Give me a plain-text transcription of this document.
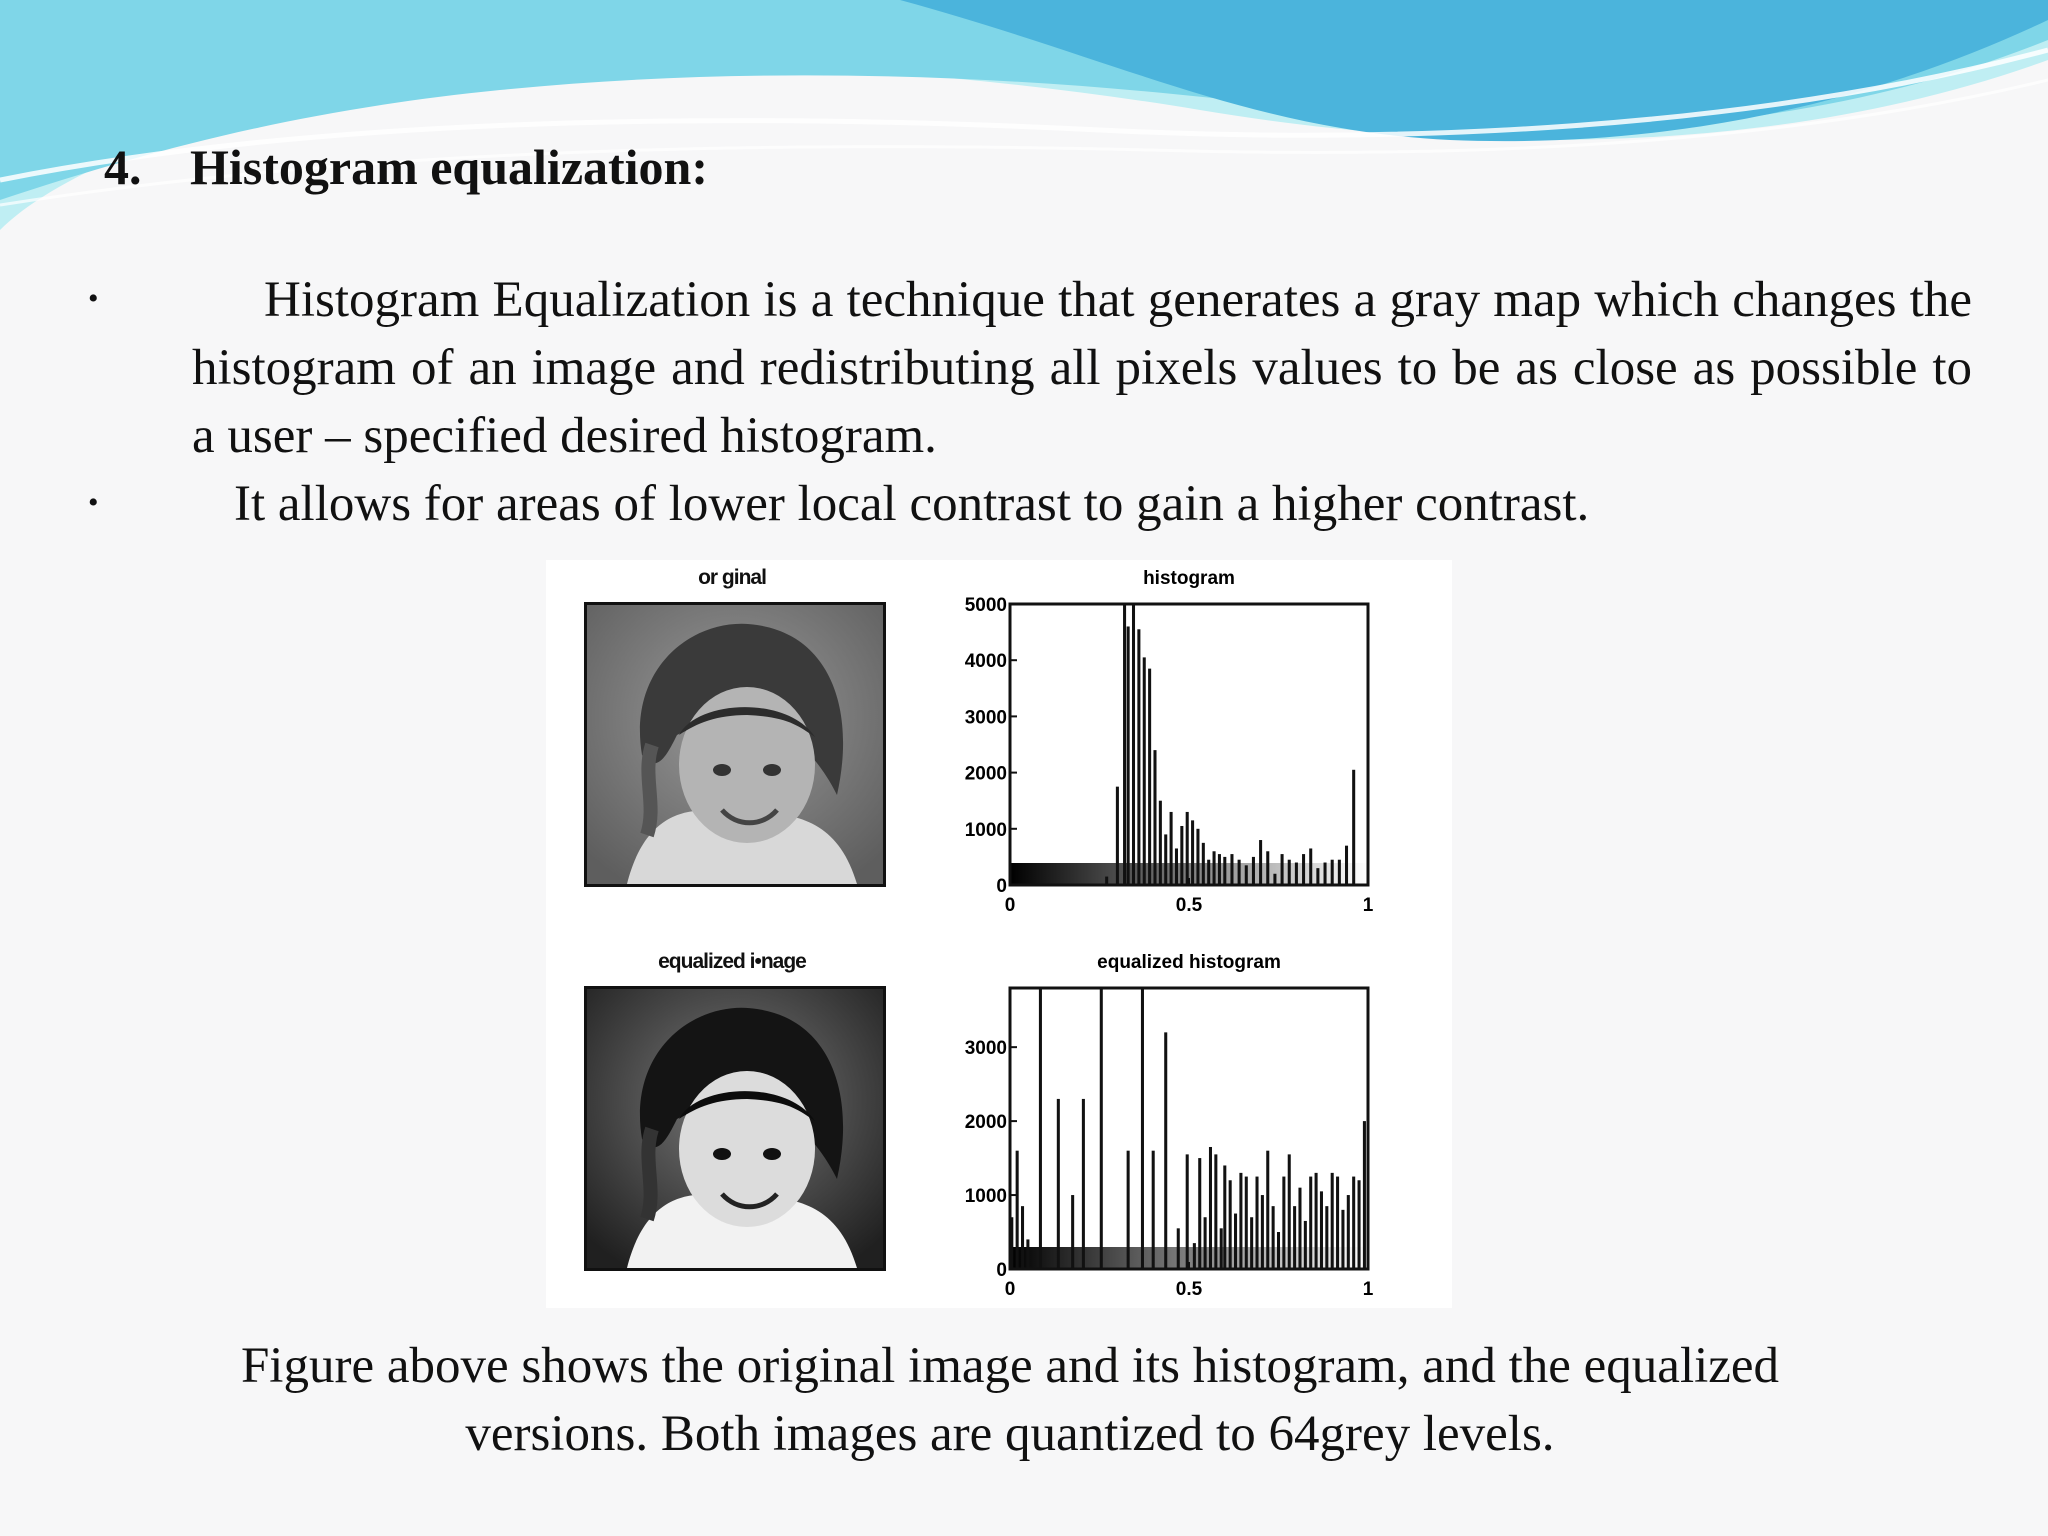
4. Histogram equalization:
•	Histogram Equalization is a technique that generates a gray map which changes the histogram of an image and redistributing all pixels values to be as close as possible to a user – specified desired histogram.

•	It allows for areas of lower local contrast to gain a higher contrast.

or ginal
equalized i•nage
histogram
0
1000
2000
3000
4000
5000
0	0.5	1
equalized histogram
0
1000
2000
3000
0	0.5	1

Figure above shows the original image and its histogram, and the equalized

versions. Both images are quantized to 64grey levels.
